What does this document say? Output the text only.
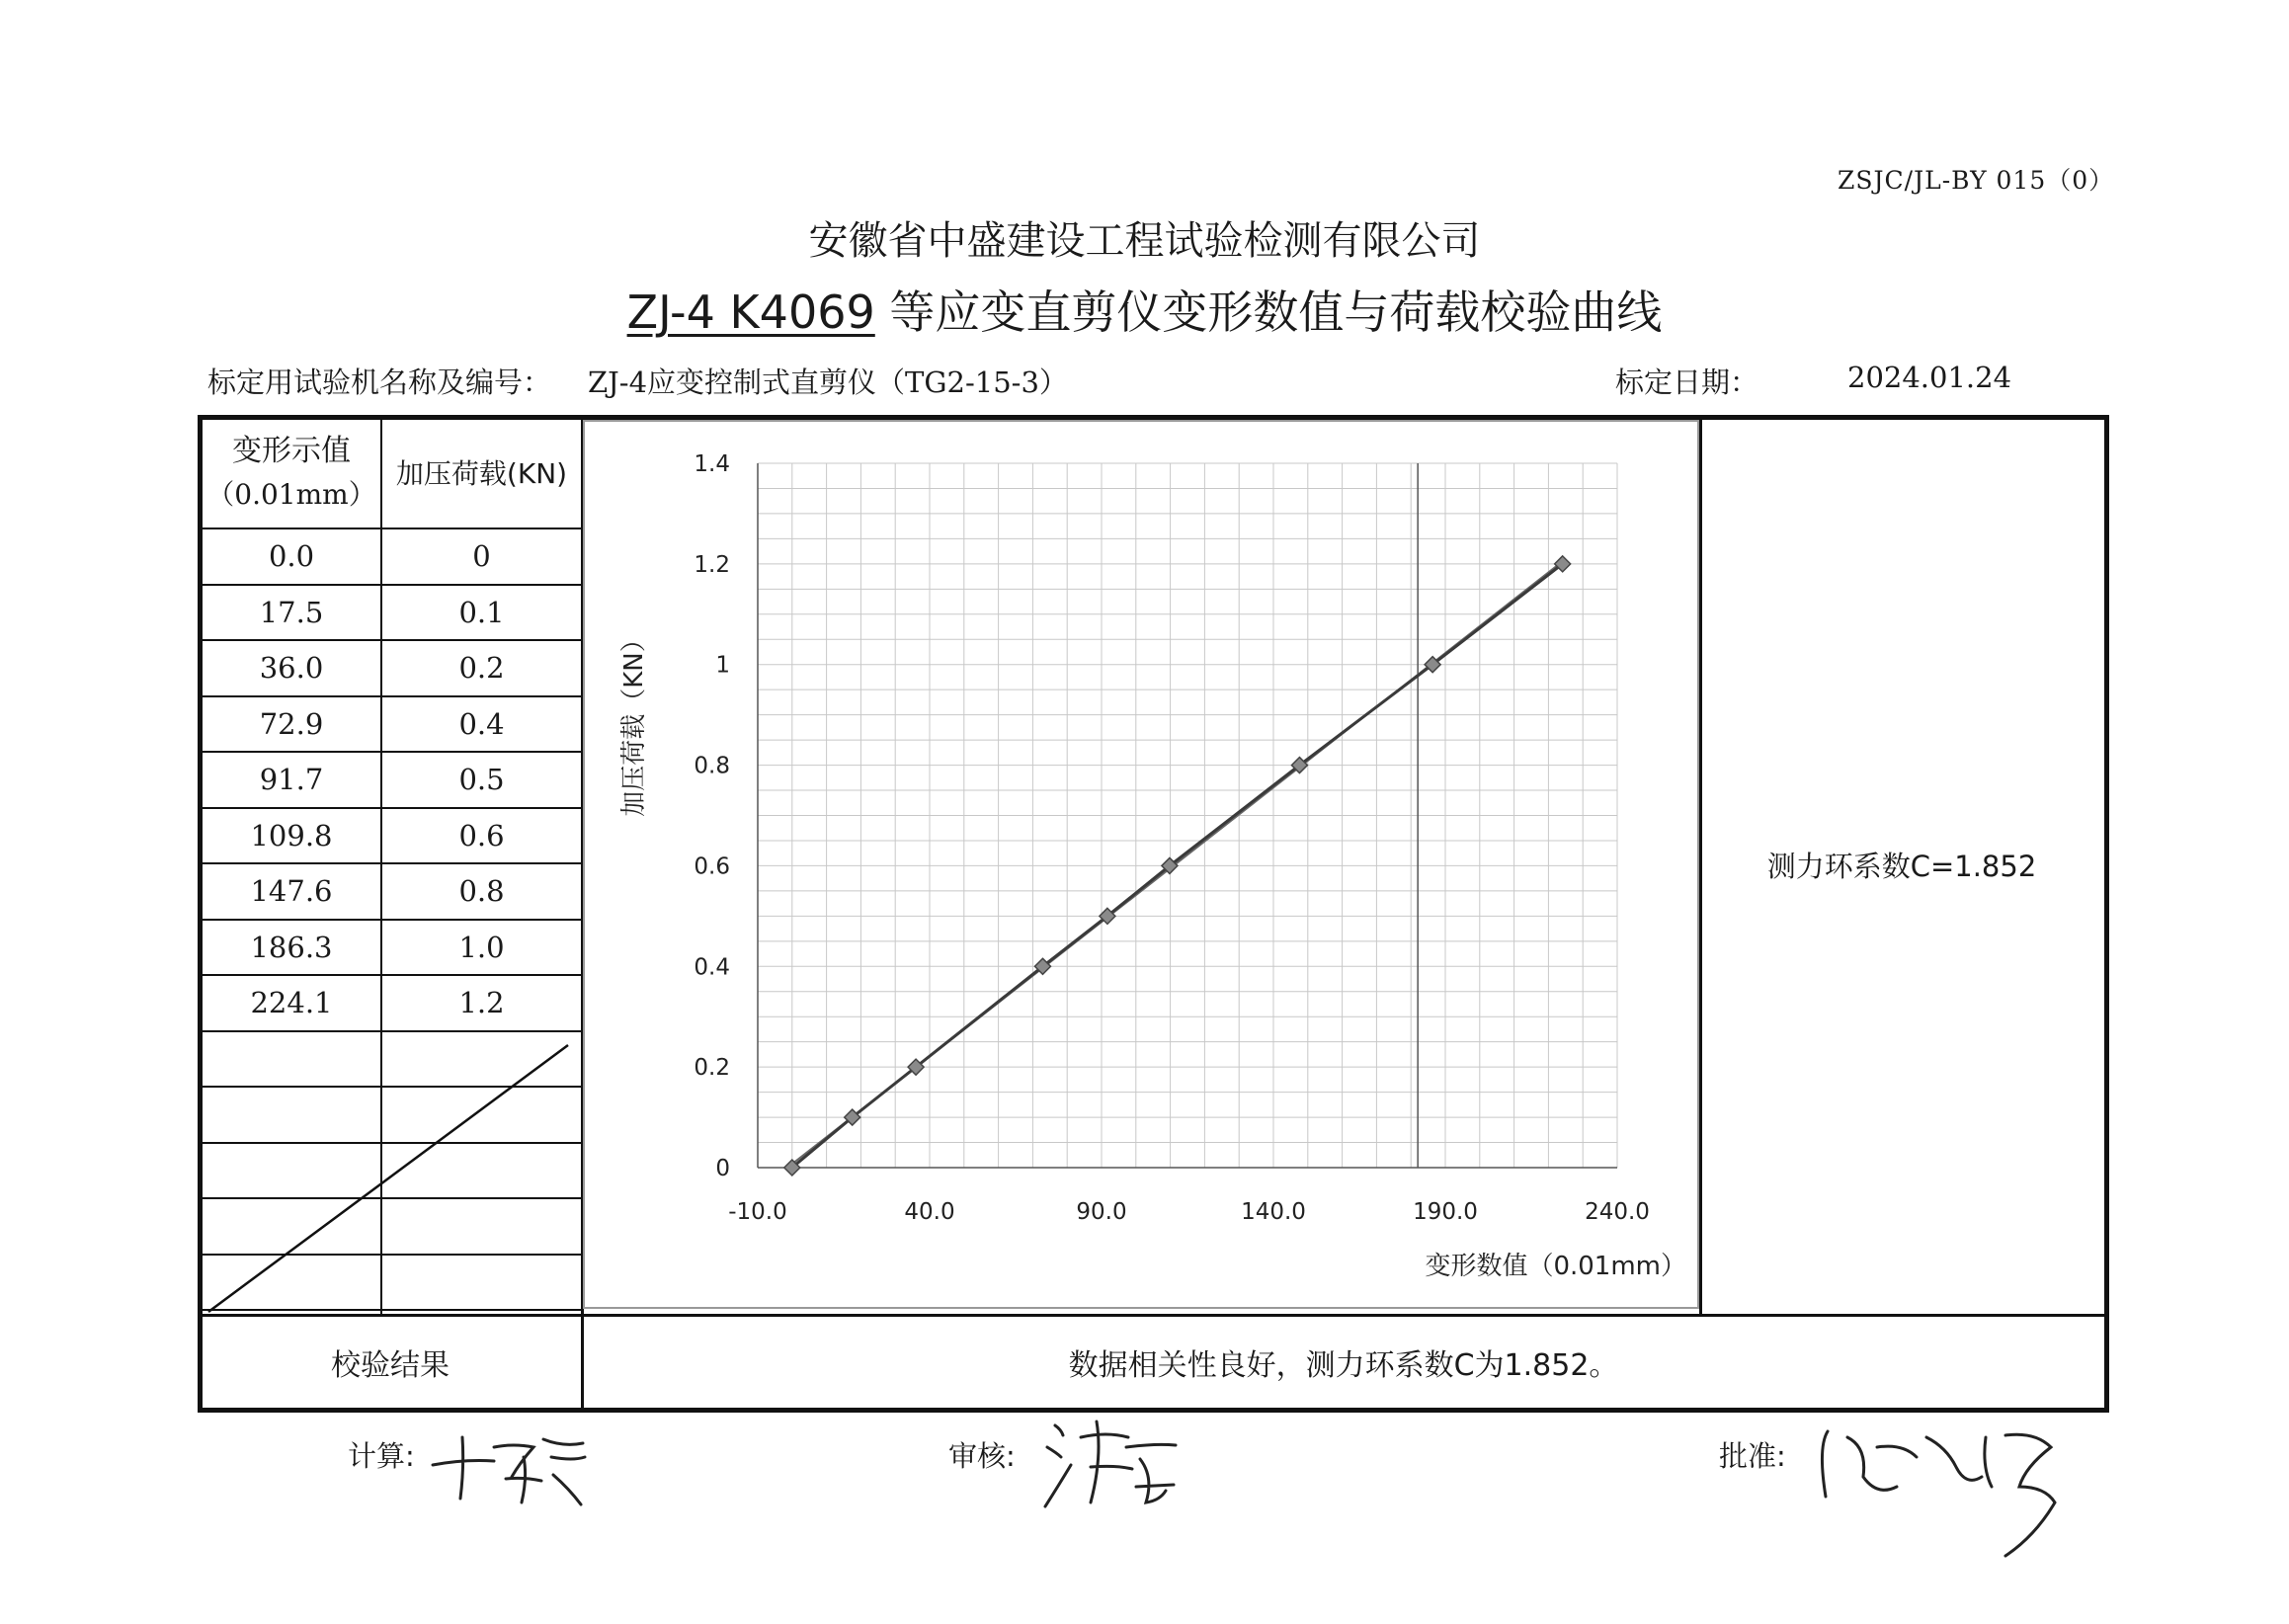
ZSJC/JL-BY 015（0）
安徽省中盛建设工程试验检测有限公司
ZJ-4 K4069 等应变直剪仪变形数值与荷载校验曲线
标定用试验机名称及编号： ZJ-4应变控制式直剪仪（TG2-15-3）	标定日期：	2024.01.24
变形示值
（0.01mm）
加压荷载(KN)
0.0	0
17.5	0.1
36.0	0.2
72.9	0.4
91.7	0.5
109.8	0.6
147.6	0.8
186.3	1.0
224.1	1.2
0
0.2
0.4
0.6
0.8
1
1.2
1.4
-10.0	40.0	90.0	140.0	190.0	240.0
变形数值（0.01mm）
加压荷载（KN）
测力环系数C=1.852
校验结果	数据相关性良好，测力环系数C为1.852。
计算:	审核:	批准:
